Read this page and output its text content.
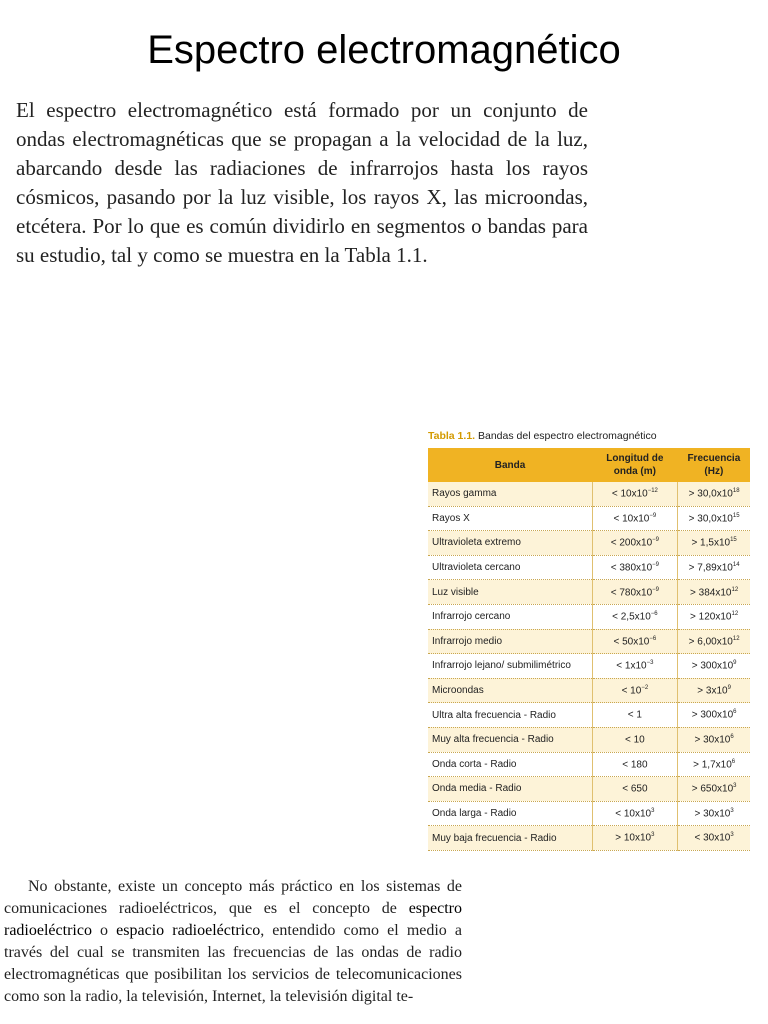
Espectro electromagnético
El espectro electromagnético está formado por un conjunto de ondas electromagnéticas que se propagan a la velocidad de la luz, abarcando desde las radiaciones de infrarrojos hasta los rayos cósmicos, pasando por la luz visible, los rayos X, las microondas, etcétera. Por lo que es común dividirlo en segmentos o bandas para su estudio, tal y como se muestra en la Tabla 1.1.
Tabla 1.1. Bandas del espectro electromagnético
Banda	Longitud de onda (m)	Frecuencia (Hz)
Rayos gamma	< $10x10^{-12}$	> $30,0x10^{18}$
Rayos X	< $10x10^{-9}$	> $30,0x10^{15}$
Ultravioleta extremo	< $200x10^{-9}$	> $1,5x10^{15}$
Ultravioleta cercano	< $380x10^{-9}$	> $7,89x10^{14}$
Luz visible	< $780x10^{-9}$	> $384x10^{12}$
Infrarrojo cercano	< $2,5x10^{-6}$	> $120x10^{12}$
Infrarrojo medio	< $50x10^{-6}$	> $6,00x10^{12}$
Infrarrojo lejano/ submilimétrico	< $1x10^{-3}$	> $300x10^9$
Microondas	< $10^{-2}$	> $3x10^9$
Ultra alta frecuencia - Radio	< 1	> $300x10^6$
Muy alta frecuencia - Radio	< 10	> $30x10^6$
Onda corta - Radio	< 180	> $1,7x10^6$
Onda media - Radio	< 650	> $650x10^3$
Onda larga - Radio	< $10x10^3$	> $30x10^3$
Muy baja frecuencia - Radio	> $10x10^3$	< $30x10^3$
No obstante, existe un concepto más práctico en los sistemas de comunicaciones radioeléctricos, que es el concepto de espectro radioeléctrico o espacio radioeléctrico, entendido como el medio a través del cual se transmiten las frecuencias de las ondas de radio electromagnéticas que posibilitan los servicios de telecomunicaciones como son la radio, la televisión, Internet, la televisión digital te-
